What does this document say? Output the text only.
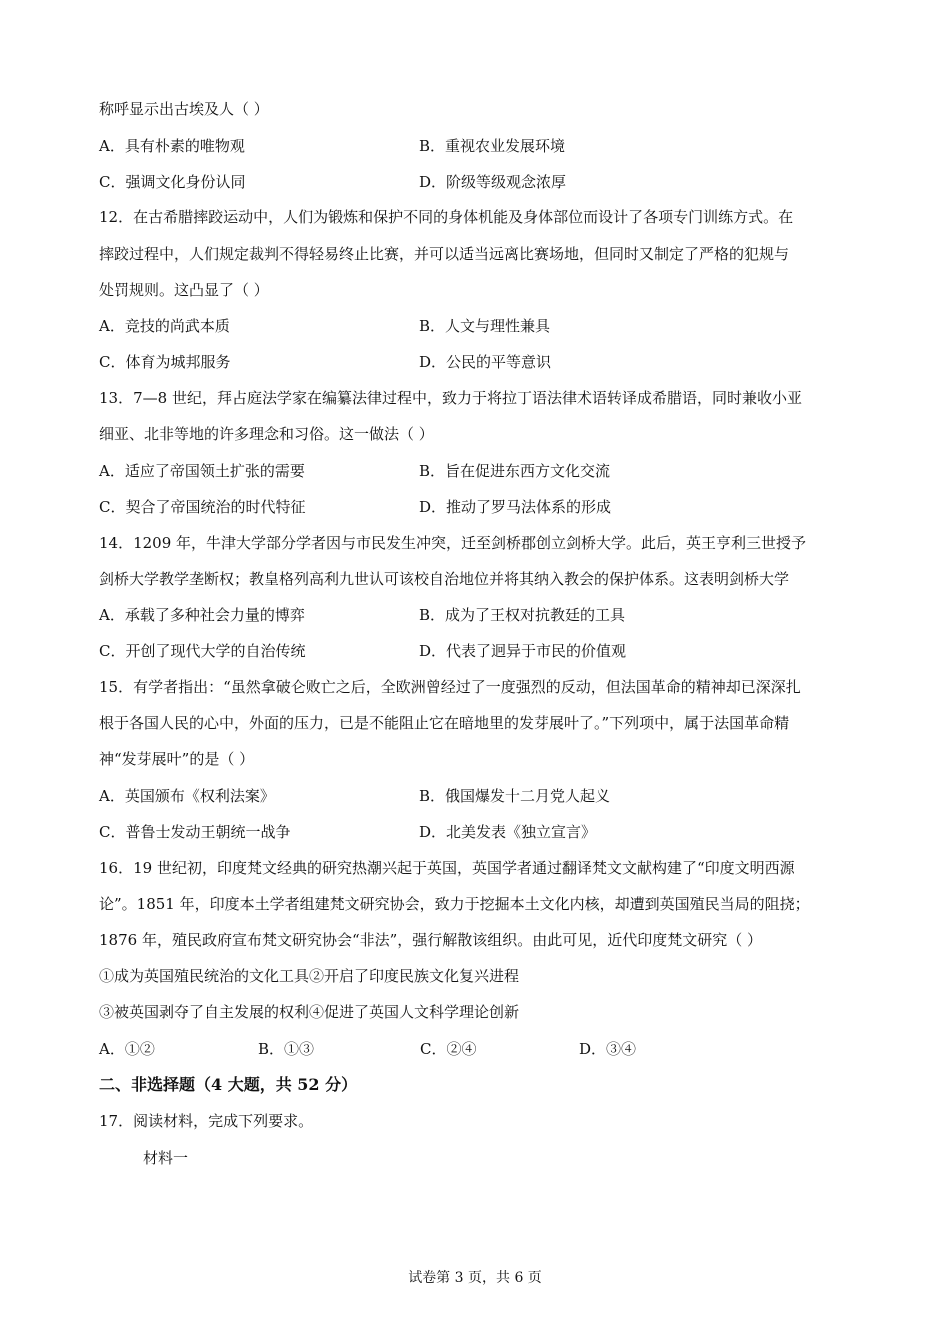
称呼显示出古埃及人（ ）
A．具有朴素的唯物观	B．重视农业发展环境
C．强调文化身份认同	D．阶级等级观念浓厚
12．在古希腊摔跤运动中，人们为锻炼和保护不同的身体机能及身体部位而设计了各项专门训练方式。在
摔跤过程中，人们规定裁判不得轻易终止比赛，并可以适当远离比赛场地，但同时又制定了严格的犯规与
处罚规则。这凸显了（ ）
A．竞技的尚武本质	B．人文与理性兼具
C．体育为城邦服务	D．公民的平等意识
13．7—8 世纪，拜占庭法学家在编纂法律过程中，致力于将拉丁语法律术语转译成希腊语，同时兼收小亚
细亚、北非等地的许多理念和习俗。这一做法（ ）
A．适应了帝国领土扩张的需要	B．旨在促进东西方文化交流
C．契合了帝国统治的时代特征	D．推动了罗马法体系的形成
14．1209 年，牛津大学部分学者因与市民发生冲突，迁至剑桥郡创立剑桥大学。此后，英王亨利三世授予
剑桥大学教学垄断权；教皇格列高利九世认可该校自治地位并将其纳入教会的保护体系。这表明剑桥大学
A．承载了多种社会力量的博弈	B．成为了王权对抗教廷的工具
C．开创了现代大学的自治传统	D．代表了迥异于市民的价值观
15．有学者指出：“虽然拿破仑败亡之后，全欧洲曾经过了一度强烈的反动，但法国革命的精神却已深深扎
根于各国人民的心中，外面的压力，已是不能阻止它在暗地里的发芽展叶了。”下列项中，属于法国革命精
神“发芽展叶”的是（ ）
A．英国颁布《权利法案》	B．俄国爆发十二月党人起义
C．普鲁士发动王朝统一战争	D．北美发表《独立宣言》
16．19 世纪初，印度梵文经典的研究热潮兴起于英国，英国学者通过翻译梵文文献构建了“印度文明西源
论”。1851 年，印度本土学者组建梵文研究协会，致力于挖掘本土文化内核，却遭到英国殖民当局的阻挠；
1876 年，殖民政府宣布梵文研究协会“非法”，强行解散该组织。由此可见，近代印度梵文研究（ ）
①成为英国殖民统治的文化工具②开启了印度民族文化复兴进程
③被英国剥夺了自主发展的权利④促进了英国人文科学理论创新
A．①②	B．①③	C．②④	D．③④
二、非选择题（4 大题，共 52 分）
17．阅读材料，完成下列要求。
材料一
试卷第 3 页，共 6 页
